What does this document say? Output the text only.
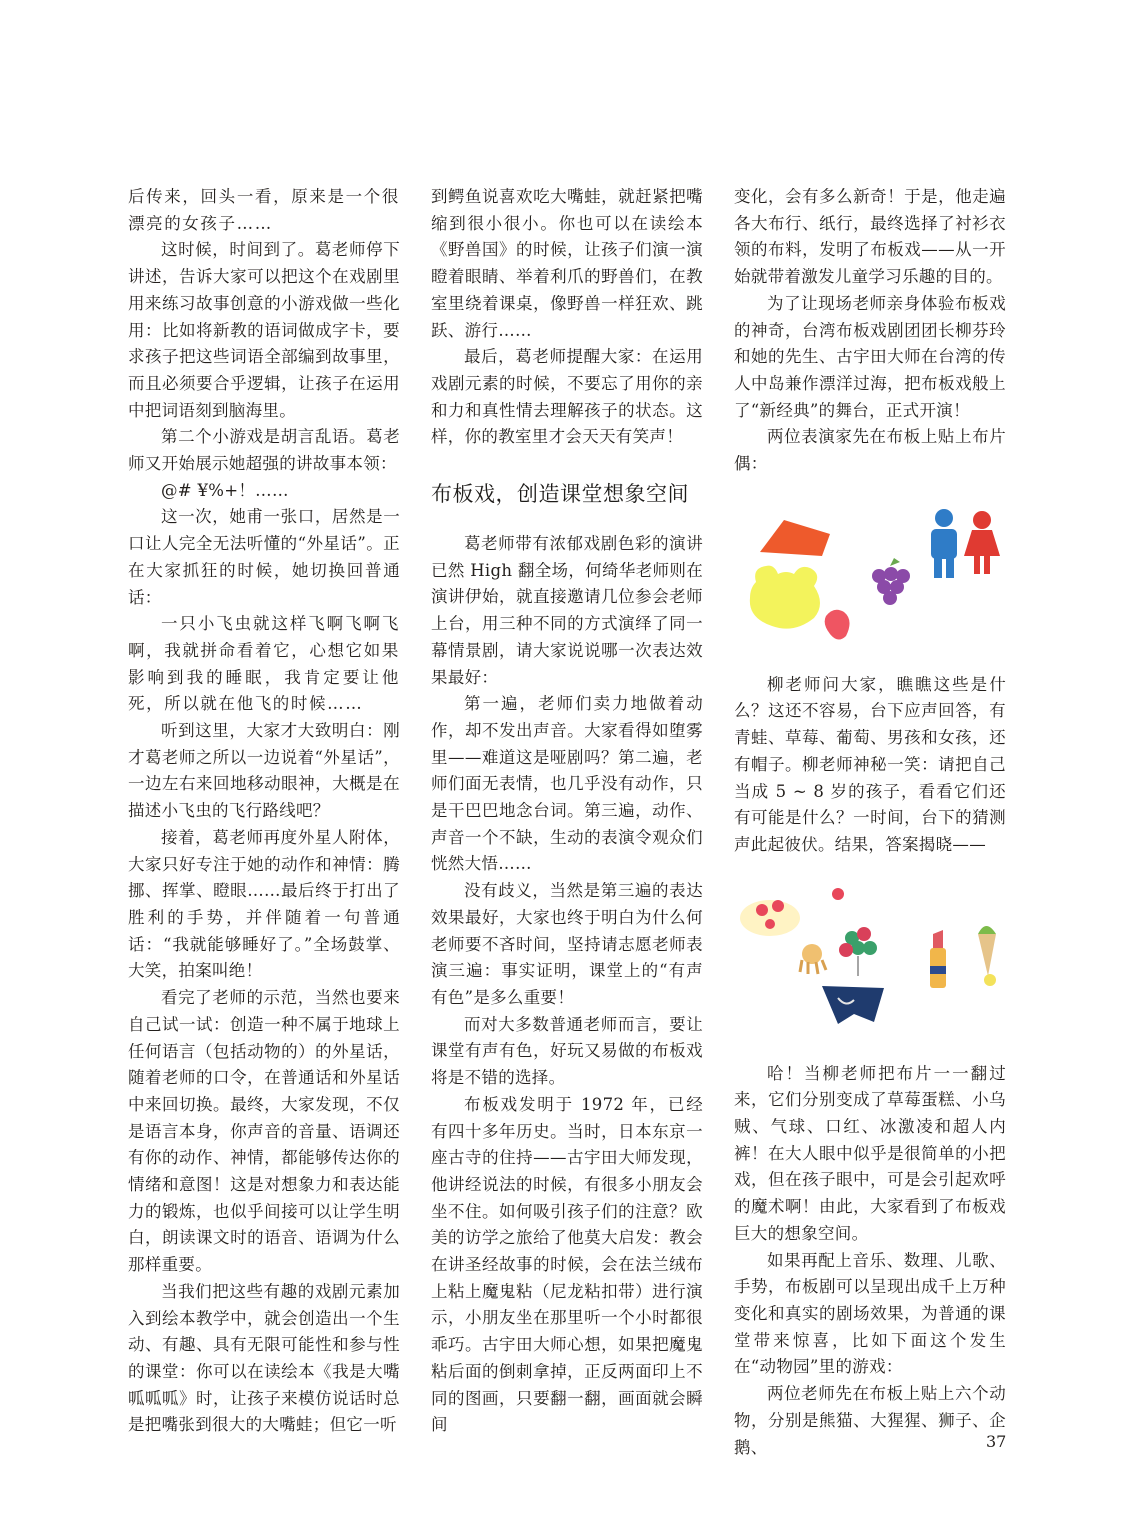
后传来，回头一看，原来是一个很漂亮的女孩子……

这时候，时间到了。葛老师停下讲述，告诉大家可以把这个在戏剧里用来练习故事创意的小游戏做一些化用：比如将新教的语词做成字卡，要求孩子把这些词语全部编到故事里，而且必须要合乎逻辑，让孩子在运用中把词语刻到脑海里。

第二个小游戏是胡言乱语。葛老师又开始展示她超强的讲故事本领：

@# ¥%+！……

这一次，她甫一张口，居然是一口让人完全无法听懂的“外星话”。正在大家抓狂的时候，她切换回普通话：

一只小飞虫就这样飞啊飞啊飞啊，我就拼命看着它，心想它如果影响到我的睡眠，我肯定要让他死，所以就在他飞的时候……

听到这里，大家才大致明白：刚才葛老师之所以一边说着“外星话”，一边左右来回地移动眼神，大概是在描述小飞虫的飞行路线吧？

接着，葛老师再度外星人附体，大家只好专注于她的动作和神情：腾挪、挥掌、瞪眼……最后终于打出了胜利的手势，并伴随着一句普通话：“我就能够睡好了。”全场鼓掌、大笑，拍案叫绝！

看完了老师的示范，当然也要来自己试一试：创造一种不属于地球上任何语言（包括动物的）的外星话，随着老师的口令，在普通话和外星话中来回切换。最终，大家发现，不仅是语言本身，你声音的音量、语调还有你的动作、神情，都能够传达你的情绪和意图！这是对想象力和表达能力的锻炼，也似乎间接可以让学生明白，朗读课文时的语音、语调为什么那样重要。

当我们把这些有趣的戏剧元素加入到绘本教学中，就会创造出一个生动、有趣、具有无限可能性和参与性的课堂：你可以在读绘本《我是大嘴呱呱呱》时，让孩子来模仿说话时总是把嘴张到很大的大嘴蛙；但它一听

到鳄鱼说喜欢吃大嘴蛙，就赶紧把嘴缩到很小很小。你也可以在读绘本《野兽国》的时候，让孩子们演一演瞪着眼睛、举着利爪的野兽们，在教室里绕着课桌，像野兽一样狂欢、跳跃、游行……

最后，葛老师提醒大家：在运用戏剧元素的时候，不要忘了用你的亲和力和真性情去理解孩子的状态。这样，你的教室里才会天天有笑声！

布板戏，创造课堂想象空间

葛老师带有浓郁戏剧色彩的演讲已然 High 翻全场，何绮华老师则在演讲伊始，就直接邀请几位参会老师上台，用三种不同的方式演绎了同一幕情景剧，请大家说说哪一次表达效果最好：

第一遍，老师们卖力地做着动作，却不发出声音。大家看得如堕雾里——难道这是哑剧吗？第二遍，老师们面无表情，也几乎没有动作，只是干巴巴地念台词。第三遍，动作、声音一个不缺，生动的表演令观众们恍然大悟……

没有歧义，当然是第三遍的表达效果最好，大家也终于明白为什么何老师要不吝时间，坚持请志愿老师表演三遍：事实证明，课堂上的“有声有色”是多么重要！

而对大多数普通老师而言，要让课堂有声有色，好玩又易做的布板戏将是不错的选择。

布板戏发明于 1972 年，已经有四十多年历史。当时，日本东京一座古寺的住持——古宇田大师发现，他讲经说法的时候，有很多小朋友会坐不住。如何吸引孩子们的注意？欧美的访学之旅给了他莫大启发：教会在讲圣经故事的时候，会在法兰绒布上粘上魔鬼粘（尼龙粘扣带）进行演示，小朋友坐在那里听一个小时都很乖巧。古宇田大师心想，如果把魔鬼粘后面的倒刺拿掉，正反两面印上不同的图画，只要翻一翻，画面就会瞬间

变化，会有多么新奇！于是，他走遍各大布行、纸行，最终选择了衬衫衣领的布料，发明了布板戏——从一开始就带着激发儿童学习乐趣的目的。

为了让现场老师亲身体验布板戏的神奇，台湾布板戏剧团团长柳芬玲和她的先生、古宇田大师在台湾的传人中岛兼作漂洋过海，把布板戏般上了“新经典”的舞台，正式开演！

两位表演家先在布板上贴上布片偶：

柳老师问大家，瞧瞧这些是什么？这还不容易，台下应声回答，有青蛙、草莓、葡萄、男孩和女孩，还有帽子。柳老师神秘一笑：请把自己当成 5 ~ 8 岁的孩子，看看它们还有可能是什么？一时间，台下的猜测声此起彼伏。结果，答案揭晓——

哈！当柳老师把布片一一翻过来，它们分别变成了草莓蛋糕、小乌贼、气球、口红、冰激凌和超人内裤！在大人眼中似乎是很简单的小把戏，但在孩子眼中，可是会引起欢呼的魔术啊！由此，大家看到了布板戏巨大的想象空间。

如果再配上音乐、数理、儿歌、手势，布板剧可以呈现出成千上万种变化和真实的剧场效果，为普通的课堂带来惊喜，比如下面这个发生在“动物园”里的游戏：

两位老师先在布板上贴上六个动物，分别是熊猫、大猩猩、狮子、企鹅、	37
